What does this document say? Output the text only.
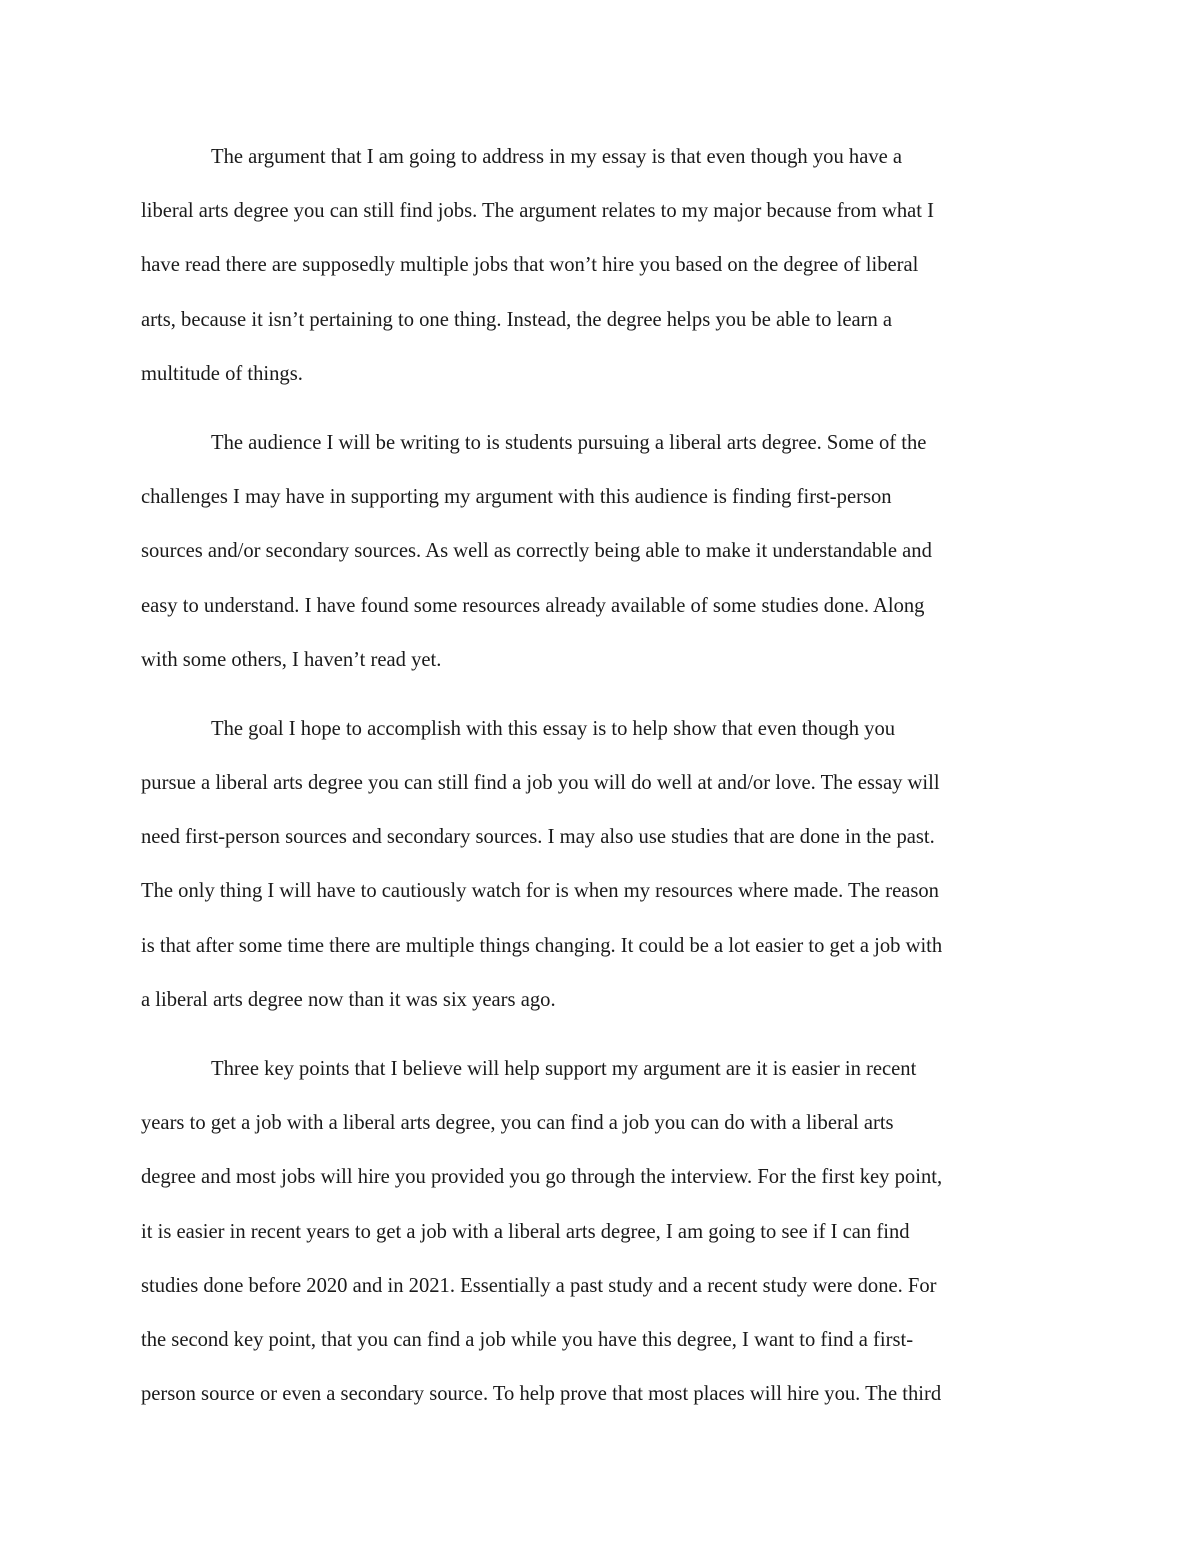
The argument that I am going to address in my essay is that even though you have a
liberal arts degree you can still find jobs. The argument relates to my major because from what I
have read there are supposedly multiple jobs that won’t hire you based on the degree of liberal
arts, because it isn’t pertaining to one thing. Instead, the degree helps you be able to learn a
multitude of things.
The audience I will be writing to is students pursuing a liberal arts degree. Some of the
challenges I may have in supporting my argument with this audience is finding first-person
sources and/or secondary sources. As well as correctly being able to make it understandable and
easy to understand. I have found some resources already available of some studies done. Along
with some others, I haven’t read yet.
The goal I hope to accomplish with this essay is to help show that even though you
pursue a liberal arts degree you can still find a job you will do well at and/or love. The essay will
need first-person sources and secondary sources. I may also use studies that are done in the past.
The only thing I will have to cautiously watch for is when my resources where made. The reason
is that after some time there are multiple things changing. It could be a lot easier to get a job with
a liberal arts degree now than it was six years ago.
Three key points that I believe will help support my argument are it is easier in recent
years to get a job with a liberal arts degree, you can find a job you can do with a liberal arts
degree and most jobs will hire you provided you go through the interview. For the first key point,
it is easier in recent years to get a job with a liberal arts degree, I am going to see if I can find
studies done before 2020 and in 2021. Essentially a past study and a recent study were done. For
the second key point, that you can find a job while you have this degree, I want to find a first-
person source or even a secondary source. To help prove that most places will hire you. The third
